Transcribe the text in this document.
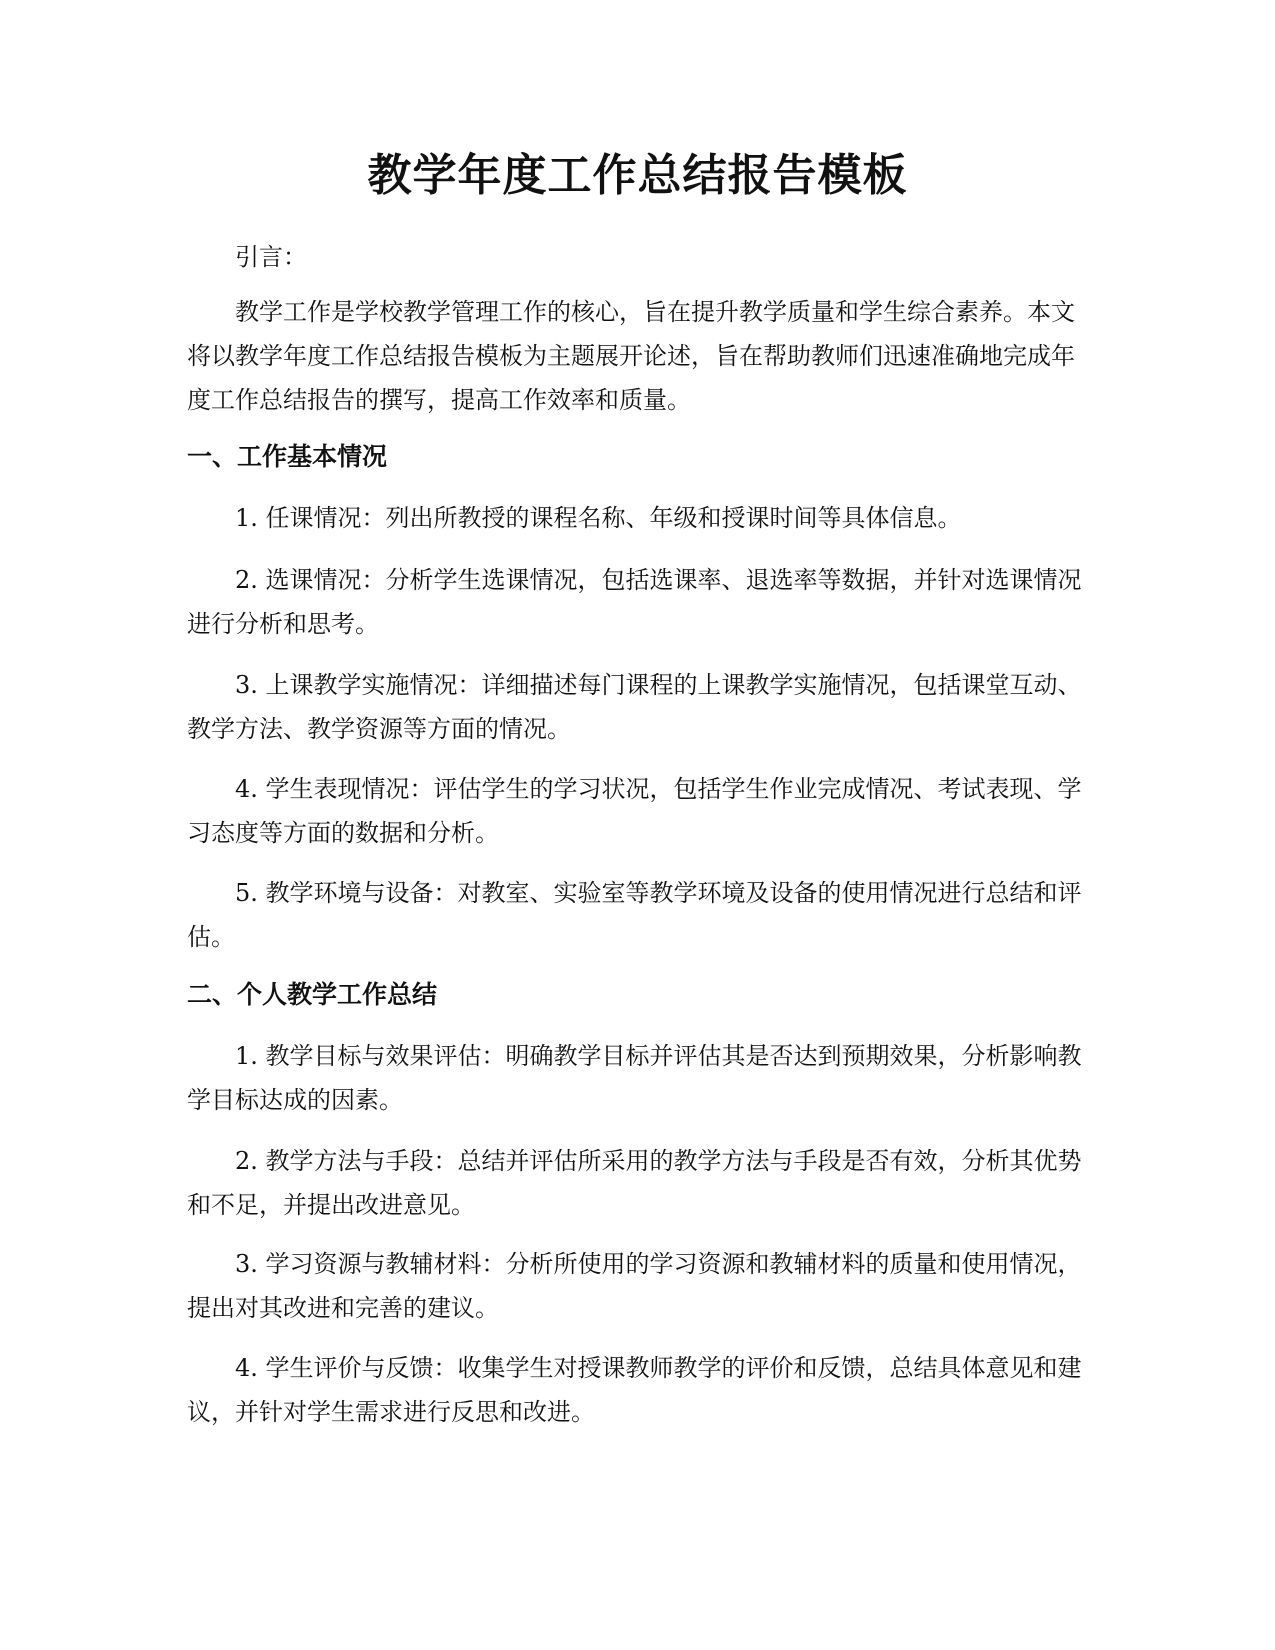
教学年度工作总结报告模板

引言：

教学工作是学校教学管理工作的核心，旨在提升教学质量和学生综合素养。本文将以教学年度工作总结报告模板为主题展开论述，旨在帮助教师们迅速准确地完成年度工作总结报告的撰写，提高工作效率和质量。

一、工作基本情况

1. 任课情况：列出所教授的课程名称、年级和授课时间等具体信息。

2. 选课情况：分析学生选课情况，包括选课率、退选率等数据，并针对选课情况进行分析和思考。

3. 上课教学实施情况：详细描述每门课程的上课教学实施情况，包括课堂互动、教学方法、教学资源等方面的情况。

4. 学生表现情况：评估学生的学习状况，包括学生作业完成情况、考试表现、学习态度等方面的数据和分析。

5. 教学环境与设备：对教室、实验室等教学环境及设备的使用情况进行总结和评估。

二、个人教学工作总结

1. 教学目标与效果评估：明确教学目标并评估其是否达到预期效果，分析影响教学目标达成的因素。

2. 教学方法与手段：总结并评估所采用的教学方法与手段是否有效，分析其优势和不足，并提出改进意见。

3. 学习资源与教辅材料：分析所使用的学习资源和教辅材料的质量和使用情况，提出对其改进和完善的建议。

4. 学生评价与反馈：收集学生对授课教师教学的评价和反馈，总结具体意见和建议，并针对学生需求进行反思和改进。
